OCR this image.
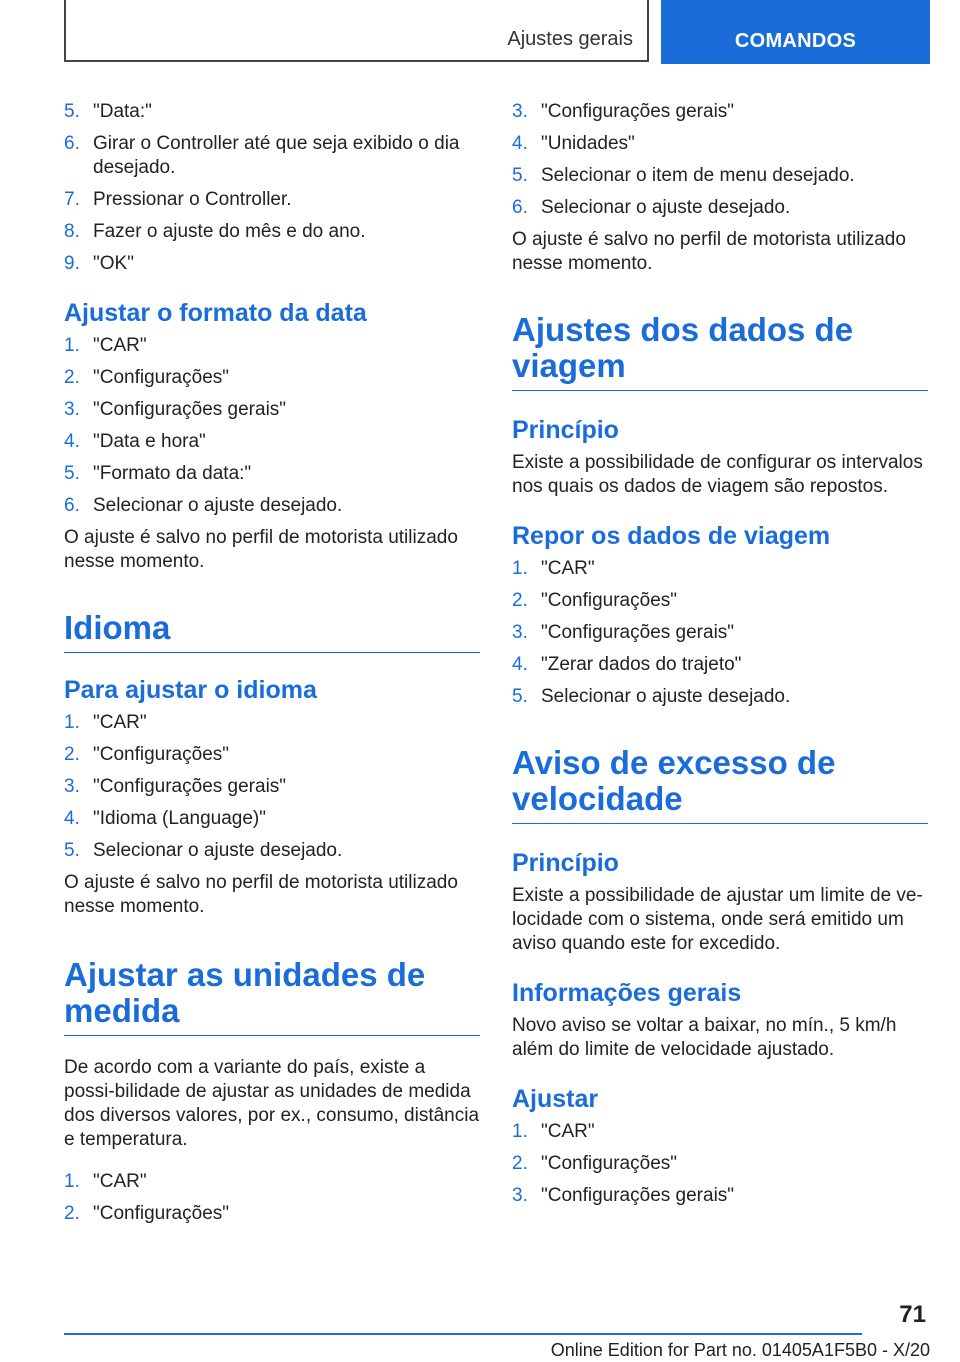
Ajustes gerais	COMANDOS
5. "Data:"
6. Girar o Controller até que seja exibido o dia desejado.
7. Pressionar o Controller.
8. Fazer o ajuste do mês e do ano.
9. "OK"
Ajustar o formato da data
1. "CAR"
2. "Configurações"
3. "Configurações gerais"
4. "Data e hora"
5. "Formato da data:"
6. Selecionar o ajuste desejado.

O ajuste é salvo no perfil de motorista utilizado nesse momento.

Idioma
Para ajustar o idioma
1. "CAR"
2. "Configurações"
3. "Configurações gerais"
4. "Idioma (Language)"
5. Selecionar o ajuste desejado.

O ajuste é salvo no perfil de motorista utilizado nesse momento.

Ajustar as unidades de medida

De acordo com a variante do país, existe a possi-bilidade de ajustar as unidades de medida dos diversos valores, por ex., consumo, distância e temperatura.

1. "CAR"
2. "Configurações"
3. "Configurações gerais"
4. "Unidades"
5. Selecionar o item de menu desejado.
6. Selecionar o ajuste desejado.

O ajuste é salvo no perfil de motorista utilizado nesse momento.

Ajustes dos dados de viagem
Princípio

Existe a possibilidade de configurar os intervalos nos quais os dados de viagem são repostos.

Repor os dados de viagem
1. "CAR"
2. "Configurações"
3. "Configurações gerais"
4. "Zerar dados do trajeto"
5. Selecionar o ajuste desejado.
Aviso de excesso de velocidade
Princípio

Existe a possibilidade de ajustar um limite de ve-locidade com o sistema, onde será emitido um aviso quando este for excedido.

Informações gerais

Novo aviso se voltar a baixar, no mín., 5 km/h além do limite de velocidade ajustado.

Ajustar
1. "CAR"
2. "Configurações"
3. "Configurações gerais"
71
Online Edition for Part no. 01405A1F5B0 - X/20
